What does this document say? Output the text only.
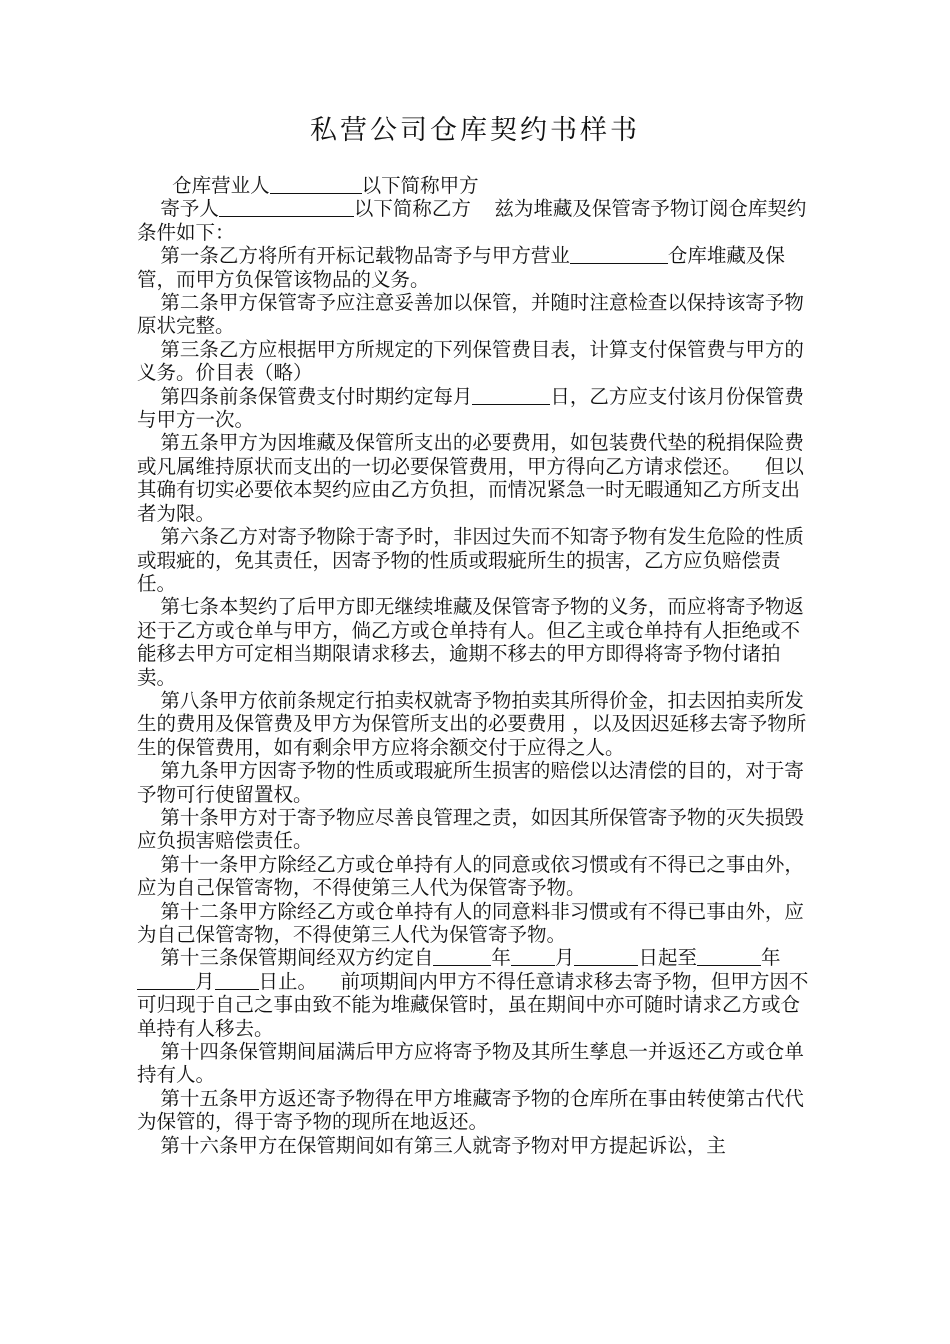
私营公司仓库契约书样书

仓库营业人	以下简称甲方

寄予人	以下简称乙方 兹为堆藏及保管寄予物订阅仓库契约条件如下：

第一条乙方将所有开标记载物品寄予与甲方营业	仓库堆藏及保管，而甲方负保管该物品的义务。

第二条甲方保管寄予应注意妥善加以保管，并随时注意检查以保持该寄予物原状完整。

第三条乙方应根据甲方所规定的下列保管费目表，计算支付保管费与甲方的义务。价目表（略）

第四条前条保管费支付时期约定每月	日，乙方应支付该月份保管费与甲方一次。

第五条甲方为因堆藏及保管所支出的必要费用，如包装费代垫的税捐保险费或凡属维持原状而支出的一切必要保管费用，甲方得向乙方请求偿还。 但以其确有切实必要依本契约应由乙方负担，而情况紧急一时无暇通知乙方所支出者为限。

第六条乙方对寄予物除于寄予时，非因过失而不知寄予物有发生危险的性质或瑕疵的，免其责任，因寄予物的性质或瑕疵所生的损害，乙方应负赔偿责任。

第七条本契约了后甲方即无继续堆藏及保管寄予物的义务，而应将寄予物返还于乙方或仓单与甲方，倘乙方或仓单持有人。但乙主或仓单持有人拒绝或不能移去甲方可定相当期限请求移去，逾期不移去的甲方即得将寄予物付诸拍卖。

第八条甲方依前条规定行拍卖权就寄予物拍卖其所得价金，扣去因拍卖所发生的费用及保管费及甲方为保管所支出的必要费用 ，以及因迟延移去寄予物所生的保管费用，如有剩余甲方应将余额交付于应得之人。

第九条甲方因寄予物的性质或瑕疵所生损害的赔偿以达清偿的目的，对于寄予物可行使留置权。

第十条甲方对于寄予物应尽善良管理之责，如因其所保管寄予物的灭失损毁应负损害赔偿责任。

第十一条甲方除经乙方或仓单持有人的同意或依习惯或有不得已之事由外，应为自己保管寄物，不得使第三人代为保管寄予物。

第十二条甲方除经乙方或仓单持有人的同意料非习惯或有不得已事由外，应为自己保管寄物，不得使第三人代为保管寄予物。

第十三条保管期间经双方约定自	年 月	日起至	年月 日止。 前项期间内甲方不得任意请求移去寄予物，但甲方因不可归现于自己之事由致不能为堆藏保管时，虽在期间中亦可随时请求乙方或仓单持有人移去。

第十四条保管期间届满后甲方应将寄予物及其所生孳息一并返还乙方或仓单持有人。

第十五条甲方返还寄予物得在甲方堆藏寄予物的仓库所在事由转使第古代代为保管的，得于寄予物的现所在地返还。

第十六条甲方在保管期间如有第三人就寄予物对甲方提起诉讼，主
